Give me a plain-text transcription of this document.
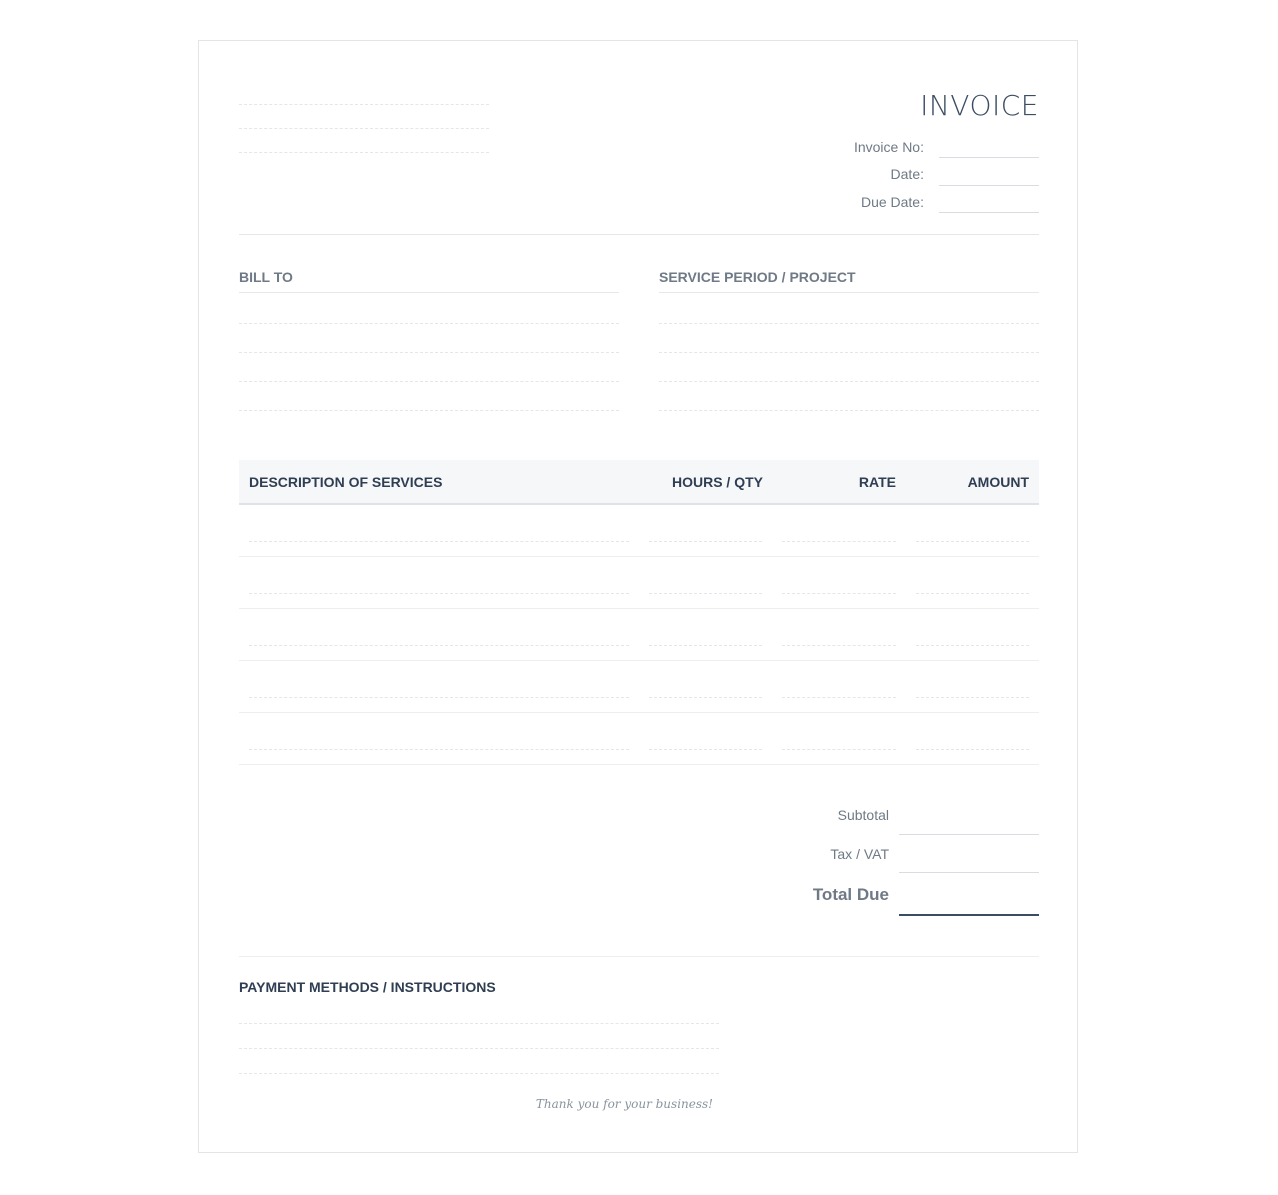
INVOICE
Invoice No:
Date:
Due Date:
BILL TO	SERVICE PERIOD / PROJECT
DESCRIPTION OF SERVICES	HOURS / QTY	RATE	AMOUNT
Subtotal
Tax / VAT
Total Due
PAYMENT METHODS / INSTRUCTIONS
Thank you for your business!
